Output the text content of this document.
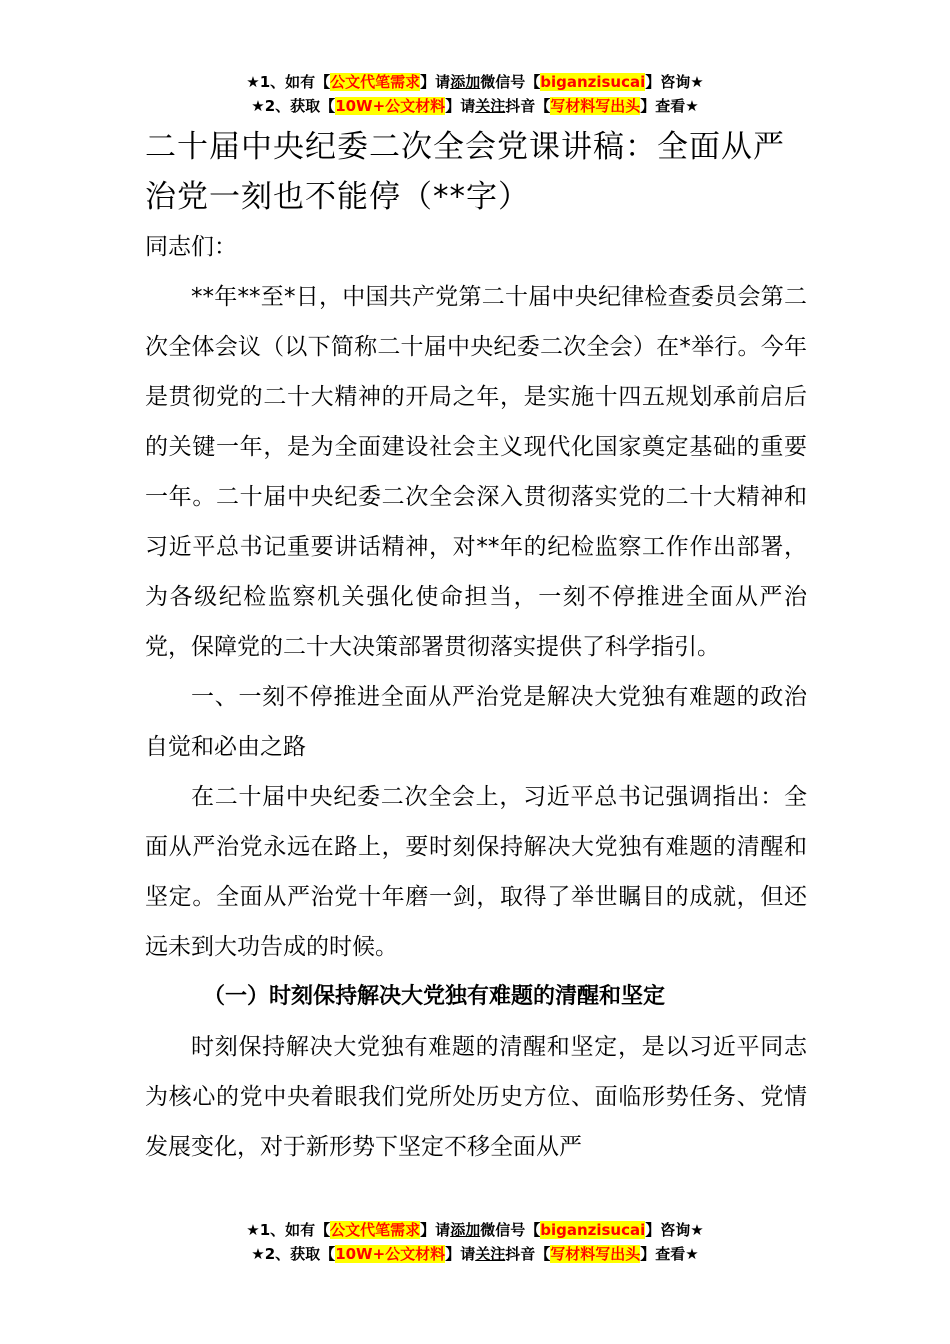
★1、如有【公文代笔需求】请添加微信号【biganzisucai】咨询★
★2、获取【10W+公文材料】请关注抖音【写材料写出头】查看★
二十届中央纪委二次全会党课讲稿：全面从严治党一刻也不能停（**字）

同志们：

**年**至*日，中国共产党第二十届中央纪律检查委员会第二次全体会议（以下简称二十届中央纪委二次全会）在*举行。今年是贯彻党的二十大精神的开局之年，是实施十四五规划承前启后的关键一年，是为全面建设社会主义现代化国家奠定基础的重要一年。二十届中央纪委二次全会深入贯彻落实党的二十大精神和习近平总书记重要讲话精神，对**年的纪检监察工作作出部署，为各级纪检监察机关强化使命担当，一刻不停推进全面从严治党，保障党的二十大决策部署贯彻落实提供了科学指引。

一、一刻不停推进全面从严治党是解决大党独有难题的政治自觉和必由之路

在二十届中央纪委二次全会上，习近平总书记强调指出：全面从严治党永远在路上，要时刻保持解决大党独有难题的清醒和坚定。全面从严治党十年磨一剑，取得了举世瞩目的成就，但还远未到大功告成的时候。

（一）时刻保持解决大党独有难题的清醒和坚定

时刻保持解决大党独有难题的清醒和坚定，是以习近平同志为核心的党中央着眼我们党所处历史方位、面临形势任务、党情发展变化，对于新形势下坚定不移全面从严

★1、如有【公文代笔需求】请添加微信号【biganzisucai】咨询★
★2、获取【10W+公文材料】请关注抖音【写材料写出头】查看★
